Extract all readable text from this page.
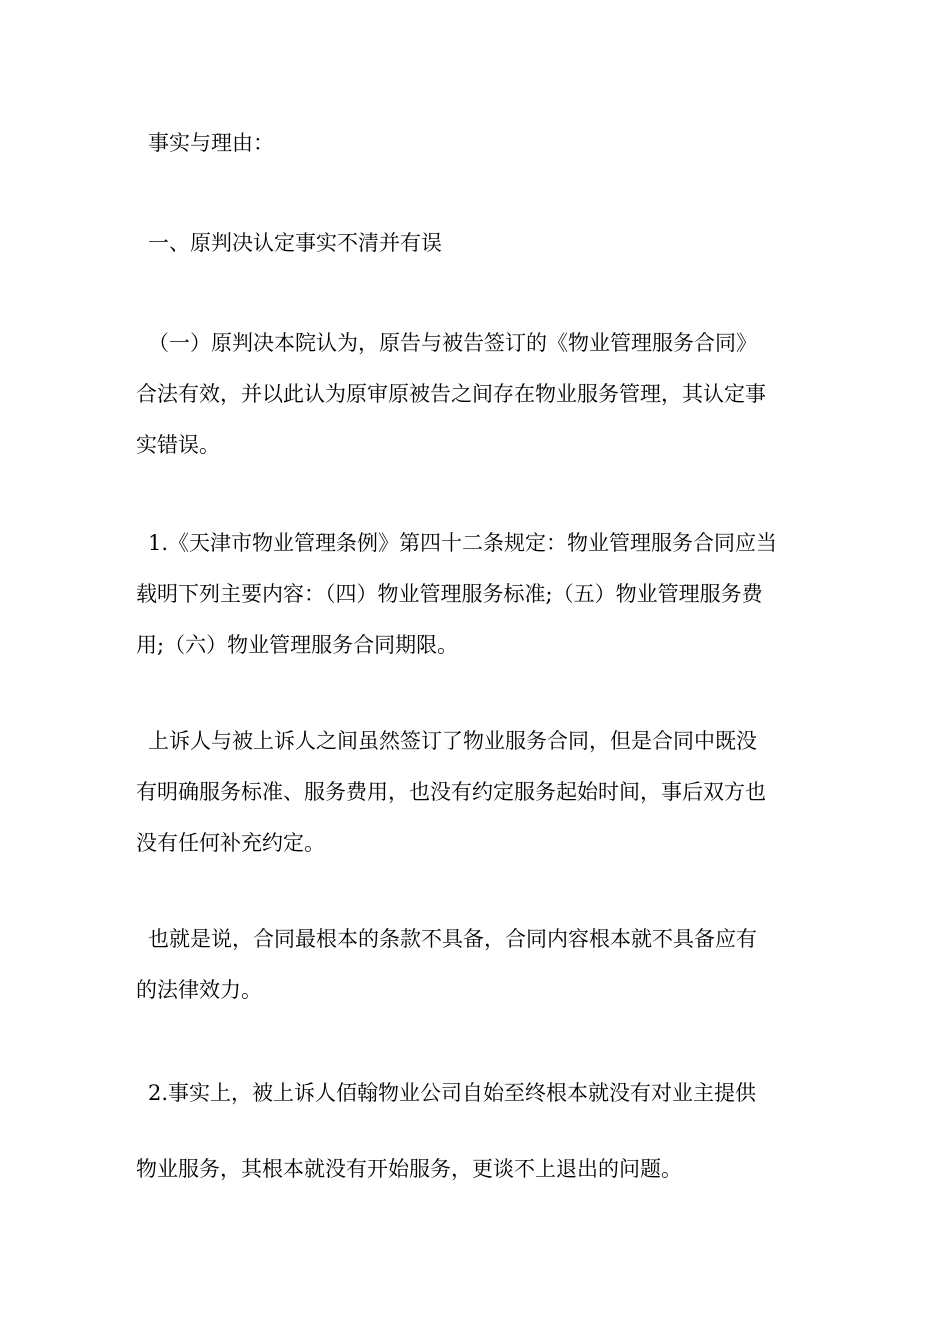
事实与理由：

一、原判决认定事实不清并有误

（一）原判决本院认为，原告与被告签订的《物业管理服务合同》
合法有效，并以此认为原审原被告之间存在物业服务管理，其认定事
实错误。

1.《天津市物业管理条例》第四十二条规定：物业管理服务合同应当
载明下列主要内容：（四）物业管理服务标准;（五）物业管理服务费
用;（六）物业管理服务合同期限。

上诉人与被上诉人之间虽然签订了物业服务合同，但是合同中既没
有明确服务标准、服务费用，也没有约定服务起始时间，事后双方也
没有任何补充约定。

也就是说，合同最根本的条款不具备，合同内容根本就不具备应有
的法律效力。

2.事实上，被上诉人佰翰物业公司自始至终根本就没有对业主提供

物业服务，其根本就没有开始服务，更谈不上退出的问题。
